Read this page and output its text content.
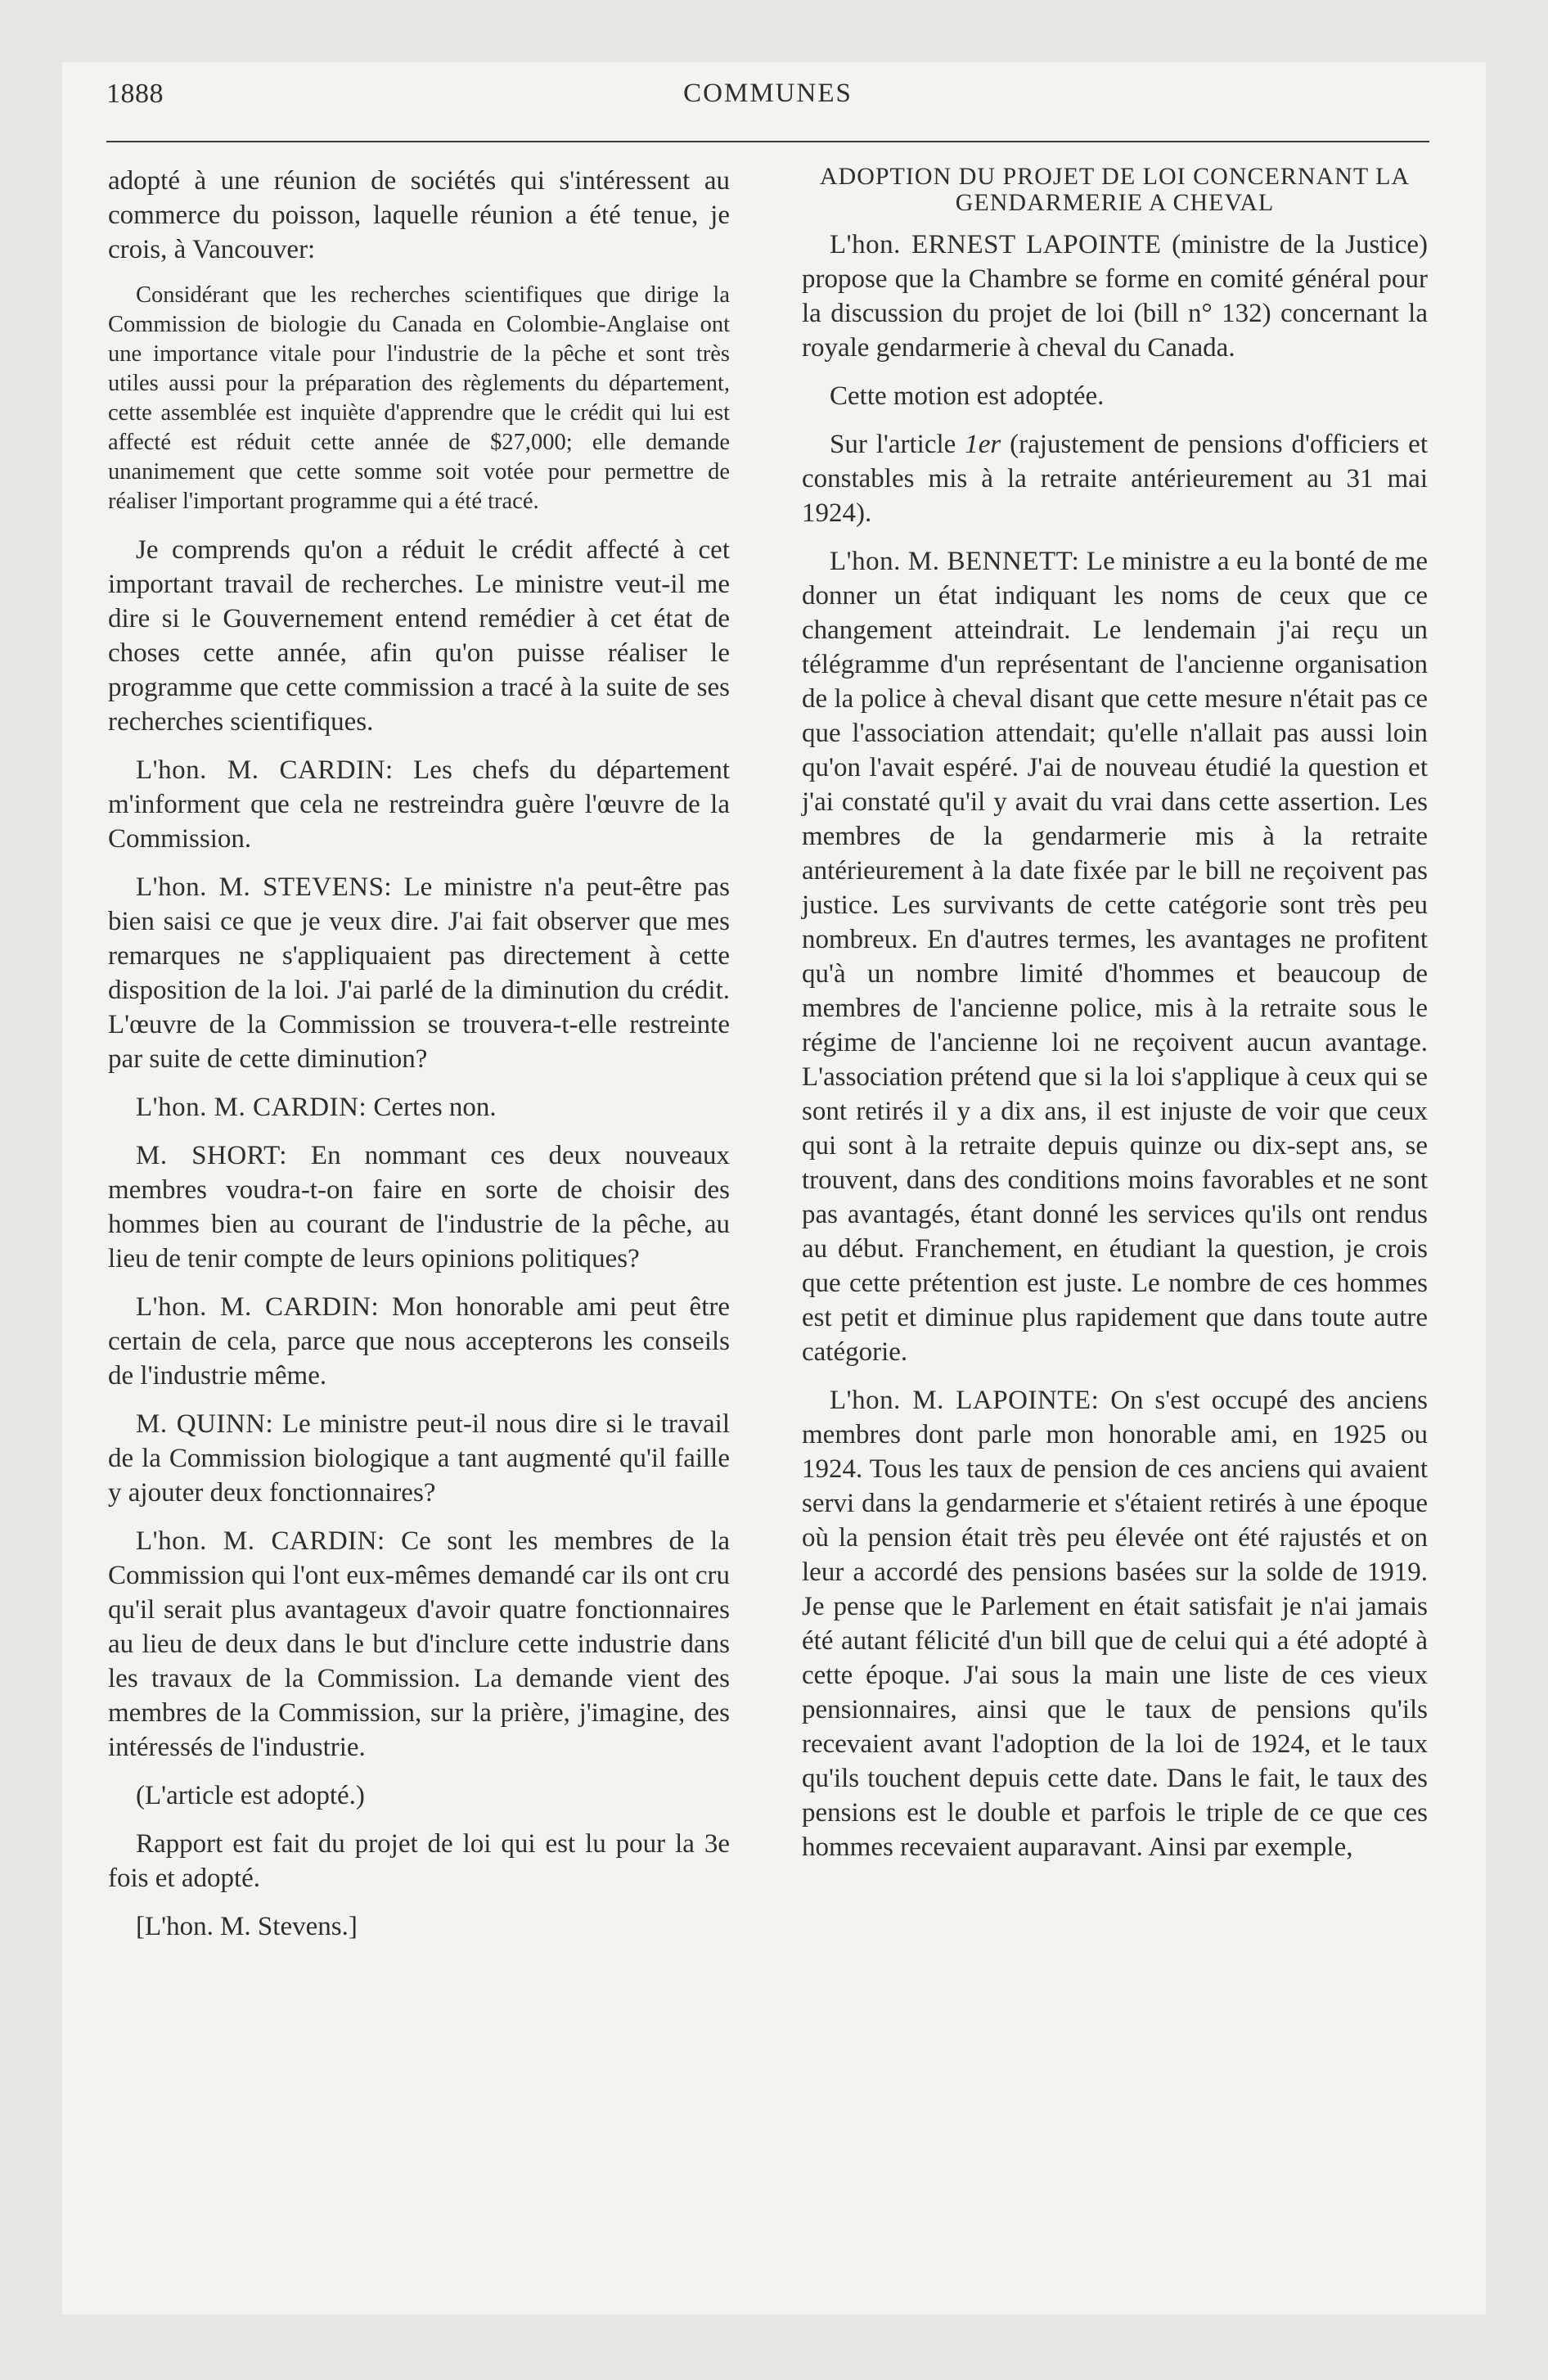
1888	COMMUNES

adopté à une réunion de sociétés qui s'intéressent au commerce du poisson, laquelle réunion a été tenue, je crois, à Vancouver:

Considérant que les recherches scientifiques que dirige la Commission de biologie du Canada en Colombie-Anglaise ont une importance vitale pour l'industrie de la pêche et sont très utiles aussi pour la préparation des règlements du département, cette assemblée est inquiète d'apprendre que le crédit qui lui est affecté est réduit cette année de $27,000; elle demande unanimement que cette somme soit votée pour permettre de réaliser l'important programme qui a été tracé.

Je comprends qu'on a réduit le crédit affecté à cet important travail de recherches. Le ministre veut-il me dire si le Gouvernement entend remédier à cet état de choses cette année, afin qu'on puisse réaliser le programme que cette commission a tracé à la suite de ses recherches scientifiques.

L'hon. M. CARDIN: Les chefs du département m'informent que cela ne restreindra guère l'œuvre de la Commission.

L'hon. M. STEVENS: Le ministre n'a peut-être pas bien saisi ce que je veux dire. J'ai fait observer que mes remarques ne s'appliquaient pas directement à cette disposition de la loi. J'ai parlé de la diminution du crédit. L'œuvre de la Commission se trouvera-t-elle restreinte par suite de cette diminution?

L'hon. M. CARDIN: Certes non.

M. SHORT: En nommant ces deux nouveaux membres voudra-t-on faire en sorte de choisir des hommes bien au courant de l'industrie de la pêche, au lieu de tenir compte de leurs opinions politiques?

L'hon. M. CARDIN: Mon honorable ami peut être certain de cela, parce que nous accepterons les conseils de l'industrie même.

M. QUINN: Le ministre peut-il nous dire si le travail de la Commission biologique a tant augmenté qu'il faille y ajouter deux fonctionnaires?

L'hon. M. CARDIN: Ce sont les membres de la Commission qui l'ont eux-mêmes demandé car ils ont cru qu'il serait plus avantageux d'avoir quatre fonctionnaires au lieu de deux dans le but d'inclure cette industrie dans les travaux de la Commission. La demande vient des membres de la Commission, sur la prière, j'imagine, des intéressés de l'industrie.

(L'article est adopté.)

Rapport est fait du projet de loi qui est lu pour la 3e fois et adopté.

[L'hon. M. Stevens.]

ADOPTION DU PROJET DE LOI CONCERNANT LA GENDARMERIE A CHEVAL

L'hon. ERNEST LAPOINTE (ministre de la Justice) propose que la Chambre se forme en comité général pour la discussion du projet de loi (bill n° 132) concernant la royale gendarmerie à cheval du Canada.

Cette motion est adoptée.

Sur l'article 1er (rajustement de pensions d'officiers et constables mis à la retraite antérieurement au 31 mai 1924).

L'hon. M. BENNETT: Le ministre a eu la bonté de me donner un état indiquant les noms de ceux que ce changement atteindrait. Le lendemain j'ai reçu un télégramme d'un représentant de l'ancienne organisation de la police à cheval disant que cette mesure n'était pas ce que l'association attendait; qu'elle n'allait pas aussi loin qu'on l'avait espéré. J'ai de nouveau étudié la question et j'ai constaté qu'il y avait du vrai dans cette assertion. Les membres de la gendarmerie mis à la retraite antérieurement à la date fixée par le bill ne reçoivent pas justice. Les survivants de cette catégorie sont très peu nombreux. En d'autres termes, les avantages ne profitent qu'à un nombre limité d'hommes et beaucoup de membres de l'ancienne police, mis à la retraite sous le régime de l'ancienne loi ne reçoivent aucun avantage. L'association prétend que si la loi s'applique à ceux qui se sont retirés il y a dix ans, il est injuste de voir que ceux qui sont à la retraite depuis quinze ou dix-sept ans, se trouvent, dans des conditions moins favorables et ne sont pas avantagés, étant donné les services qu'ils ont rendus au début. Franchement, en étudiant la question, je crois que cette prétention est juste. Le nombre de ces hommes est petit et diminue plus rapidement que dans toute autre catégorie.

L'hon. M. LAPOINTE: On s'est occupé des anciens membres dont parle mon honorable ami, en 1925 ou 1924. Tous les taux de pension de ces anciens qui avaient servi dans la gendarmerie et s'étaient retirés à une époque où la pension était très peu élevée ont été rajustés et on leur a accordé des pensions basées sur la solde de 1919. Je pense que le Parlement en était satisfait je n'ai jamais été autant félicité d'un bill que de celui qui a été adopté à cette époque. J'ai sous la main une liste de ces vieux pensionnaires, ainsi que le taux de pensions qu'ils recevaient avant l'adoption de la loi de 1924, et le taux qu'ils touchent depuis cette date. Dans le fait, le taux des pensions est le double et parfois le triple de ce que ces hommes recevaient auparavant. Ainsi par exemple,
